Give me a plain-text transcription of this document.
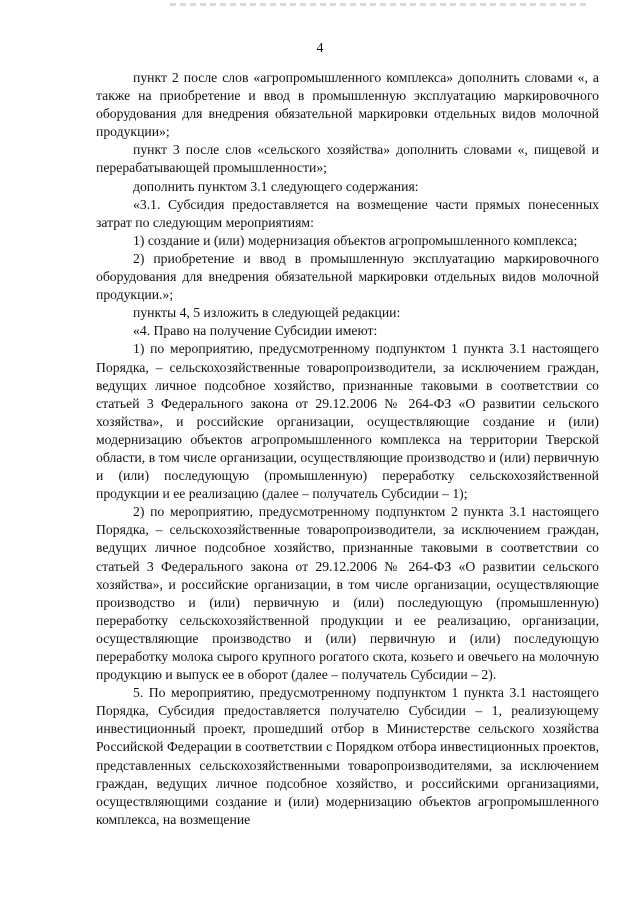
4

пункт 2 после слов «агропромышленного комплекса» дополнить словами «, а также на приобретение и ввод в промышленную эксплуатацию маркировочного оборудования для внедрения обязательной маркировки отдельных видов молочной продукции»;

пункт 3 после слов «сельского хозяйства» дополнить словами «, пищевой и перерабатывающей промышленности»;

дополнить пунктом 3.1 следующего содержания:

«3.1. Субсидия предоставляется на возмещение части прямых понесенных затрат по следующим мероприятиям:

1) создание и (или) модернизация объектов агропромышленного комплекса;

2) приобретение и ввод в промышленную эксплуатацию маркировочного оборудования для внедрения обязательной маркировки отдельных видов молочной продукции.»;

пункты 4, 5 изложить в следующей редакции:

«4. Право на получение Субсидии имеют:

1) по мероприятию, предусмотренному подпунктом 1 пункта 3.1 настоящего Порядка, – сельскохозяйственные товаропроизводители, за исключением граждан, ведущих личное подсобное хозяйство, признанные таковыми в соответствии со статьей 3 Федерального закона от 29.12.2006 № 264-ФЗ «О развитии сельского хозяйства», и российские организации, осуществляющие создание и (или) модернизацию объектов агропромышленного комплекса на территории Тверской области, в том числе организации, осуществляющие производство и (или) первичную и (или) последующую (промышленную) переработку сельскохозяйственной продукции и ее реализацию (далее – получатель Субсидии – 1);

2) по мероприятию, предусмотренному подпунктом 2 пункта 3.1 настоящего Порядка, – сельскохозяйственные товаропроизводители, за исключением граждан, ведущих личное подсобное хозяйство, признанные таковыми в соответствии со статьей 3 Федерального закона от 29.12.2006 № 264-ФЗ «О развитии сельского хозяйства», и российские организации, в том числе организации, осуществляющие производство и (или) первичную и (или) последующую (промышленную) переработку сельскохозяйственной продукции и ее реализацию, организации, осуществляющие производство и (или) первичную и (или) последующую переработку молока сырого крупного рогатого скота, козьего и овечьего на молочную продукцию и выпуск ее в оборот (далее – получатель Субсидии – 2).

5. По мероприятию, предусмотренному подпунктом 1 пункта 3.1 настоящего Порядка, Субсидия предоставляется получателю Субсидии – 1, реализующему инвестиционный проект, прошедший отбор в Министерстве сельского хозяйства Российской Федерации в соответствии с Порядком отбора инвестиционных проектов, представленных сельскохозяйственными товаропроизводителями, за исключением граждан, ведущих личное подсобное хозяйство, и российскими организациями, осуществляющими создание и (или) модернизацию объектов агропромышленного комплекса, на возмещение
